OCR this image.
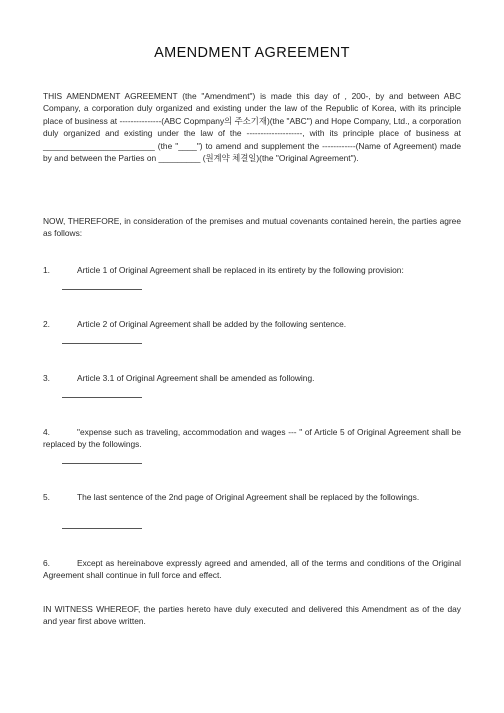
AMENDMENT AGREEMENT
THIS AMENDMENT AGREEMENT (the "Amendment") is made this day of , 200-, by and between ABC Company, a corporation duly organized and existing under the law of the Republic of Korea, with its principle place of business at ---------------(ABC Copmpany의 주소기재)(the "ABC") and Hope Company, Ltd., a corporation duly organized and existing under the law of the --------------------, with its principle place of business at ________________________ (the "____") to amend and supplement the ------------(Name of Agreement) made by and between the Parties on _________ (원계약 체결일)(the "Original Agreement").
NOW, THEREFORE, in consideration of the premises and mutual covenants contained herein, the parties agree as follows:
1.	Article 1 of Original Agreement shall be replaced in its entirety by the following provision:
2.	Article 2 of Original Agreement shall be added by the following sentence.
3.	Article 3.1 of Original Agreement shall be amended as following.
4.	"expense such as traveling, accommodation and wages --- " of Article 5 of Original Agreement shall be replaced by the followings.
5.	The last sentence of the 2nd page of Original Agreement shall be replaced by the followings.
6.	Except as hereinabove expressly agreed and amended, all of the terms and conditions of the Original Agreement shall continue in full force and effect.
IN WITNESS WHEREOF, the parties hereto have duly executed and delivered this Amendment as of the day and year first above written.
